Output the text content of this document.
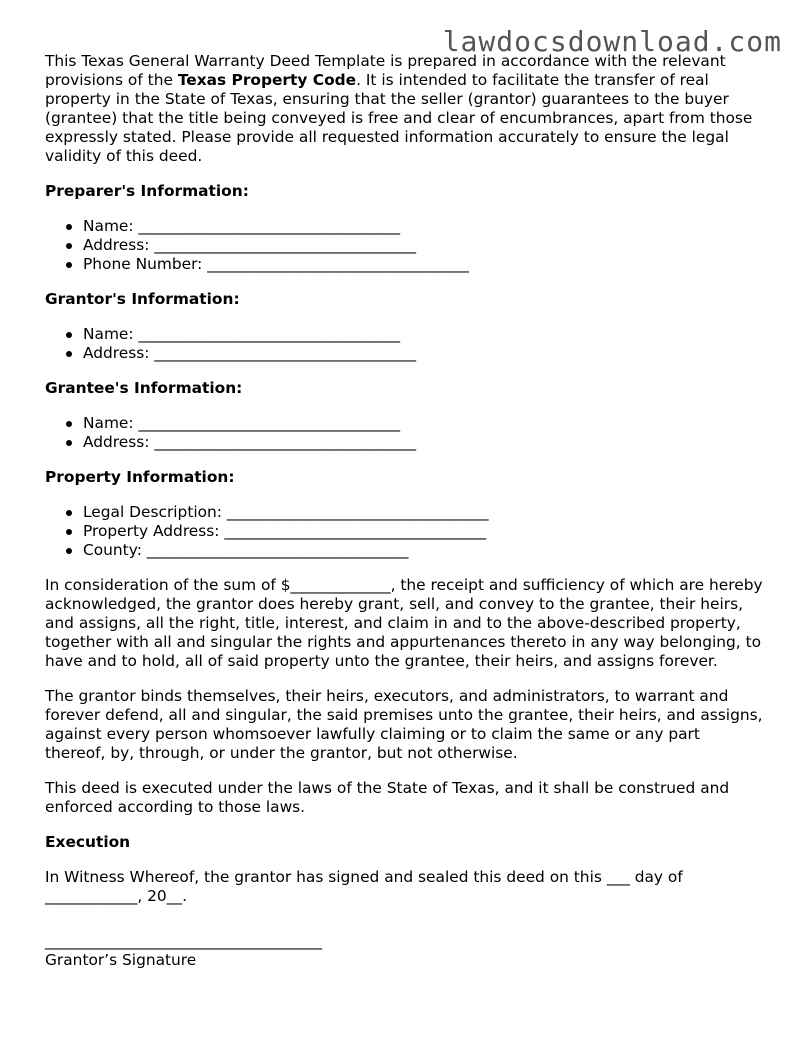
lawdocsdownload.com

This Texas General Warranty Deed Template is prepared in accordance with the relevant provisions of the Texas Property Code. It is intended to facilitate the transfer of real property in the State of Texas, ensuring that the seller (grantor) guarantees to the buyer (grantee) that the title being conveyed is free and clear of encumbrances, apart from those expressly stated. Please provide all requested information accurately to ensure the legal validity of this deed.

Preparer's Information:

Name: __________________________________
Address: __________________________________
Phone Number: __________________________________

Grantor's Information:

Name: __________________________________
Address: __________________________________

Grantee's Information:

Name: __________________________________
Address: __________________________________

Property Information:

Legal Description: __________________________________
Property Address: __________________________________
County: __________________________________

In consideration of the sum of $_____________, the receipt and sufficiency of which are hereby acknowledged, the grantor does hereby grant, sell, and convey to the grantee, their heirs, and assigns, all the right, title, interest, and claim in and to the above-described property, together with all and singular the rights and appurtenances thereto in any way belonging, to have and to hold, all of said property unto the grantee, their heirs, and assigns forever.

The grantor binds themselves, their heirs, executors, and administrators, to warrant and forever defend, all and singular, the said premises unto the grantee, their heirs, and assigns, against every person whomsoever lawfully claiming or to claim the same or any part thereof, by, through, or under the grantor, but not otherwise.

This deed is executed under the laws of the State of Texas, and it shall be construed and enforced according to those laws.

Execution

In Witness Whereof, the grantor has signed and sealed this deed on this ___ day of ____________, 20__.

____________________________________

Grantor’s Signature
